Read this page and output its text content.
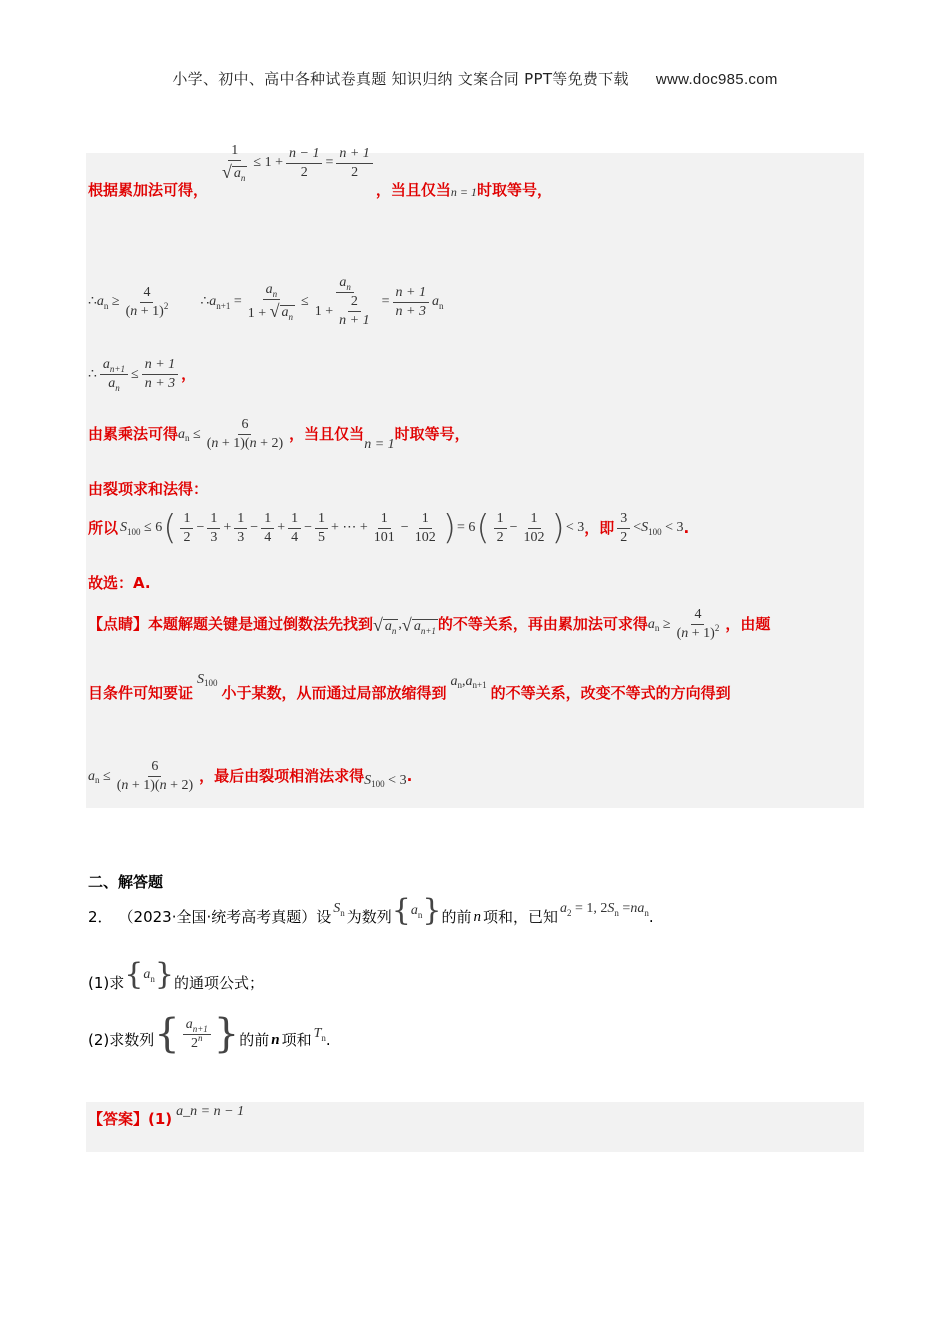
小学、初中、高中各种试卷真题 知识归纳 文案合同 PPT等免费下载 www.doc985.com
根据累加法可得，
$\frac{1}{√ a_n} \le 1 + \frac{n - 1}{2} = \frac{n + 1}{2}$
，当且仅当 n = 1 时取等号，
∴ a $n \ge \frac{4}{(n + 1)^2}$ ∴ a $n+1 = \frac{a_n}{1 + √ a_n} \le \frac{a_n}{1 + \frac{2}{n + 1}} = \frac{n + 1}{n + 3}$ a n
∴ $\frac{a_{n+1}}{a_n} \le \frac{n + 1}{n + 3}$ ，
由累乘法可得 a $n \le \frac{6}{(n + 1)(n + 2)}$ ，当且仅当
n = 1
时取等号，
由裂项求和法得：
所以 S 100 ≤ 6 ( $\frac{1}{2} - \frac{1}{3} + \frac{1}{3} - \frac{1}{4} + \frac{1}{4} - \frac{1}{5}$ + ⋯ + $\frac{1}{101} - \frac{1}{102}$ ) = 6 ( $\frac{1}{2} - \frac{1}{102}$ ) < 3 ，即 $\frac{3}{2} < S$ 100 < 3 .
故选：A.
【点睛】 本题解题关键是通过倒数法先找到 √ $a_n$ , √ $a_{n+1}$ 的不等关系，再由累加法可求得 a $n \ge \frac{4}{(n + 1)^2}$ ，由题
目条件可知要证
S 100
小于某数，从而通过局部放缩得到
a n , a n+1 的不等关系，改变不等式的方向得到
a $n \le \frac{6}{(n + 1)(n + 2)}$ ，最后由裂项相消法求得 S 100 < 3 .
二、解答题
2． （2023·全国·统考高考真题）设 S n 为数列 { a n } 的前 n 项和，已知 a 2 = 1, 2 S n = na n .
(1)求 { a n } 的通项公式；
(2)求数列 { $\frac{a_{n+1}}{2^n}$ } 的前 n 项和 T n .
【答案】 (1) a_n = n − 1
